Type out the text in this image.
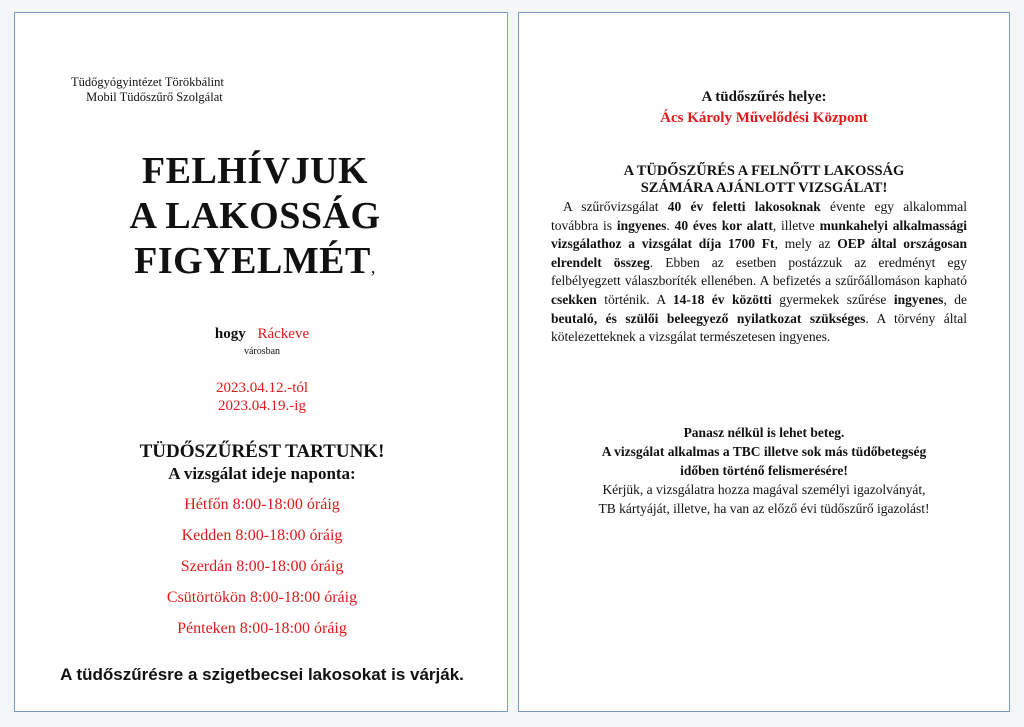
Tüdőgyógyintézet Törökbálint
Mobil Tüdőszűrő Szolgálat
FELHÍVJUK
A LAKOSSÁG
FIGYELMÉT,
hogy Ráckeve
városban
2023.04.12.-tól
2023.04.19.-ig
TÜDŐSZŰRÉST TARTUNK!
A vizsgálat ideje naponta:
Hétfőn 8:00-18:00 óráig
Kedden 8:00-18:00 óráig
Szerdán 8:00-18:00 óráig
Csütörtökön 8:00-18:00 óráig
Pénteken 8:00-18:00 óráig
A tüdőszűrésre a szigetbecsei lakosokat is várják.
A tüdőszűrés helye:
Ács Károly Művelődési Központ
A TÜDŐSZŰRÉS A FELNŐTT LAKOSSÁG
SZÁMÁRA AJÁNLOTT VIZSGÁLAT!
A szűrővizsgálat 40 év feletti lakosoknak évente egy alkalommal továbbra is ingyenes. 40 éves kor alatt, illetve munkahelyi alkalmassági vizsgálathoz a vizsgálat díja 1700 Ft, mely az OEP által országosan elrendelt összeg. Ebben az esetben postázzuk az eredményt egy felbélyegzett válaszboríték ellenében. A befizetés a szűrőállomáson kapható csekken történik. A 14-18 év közötti gyermekek szűrése ingyenes, de beutaló, és szülői beleegyező nyilatkozat szükséges. A törvény által kötelezetteknek a vizsgálat természetesen ingyenes.
Panasz nélkül is lehet beteg.
A vizsgálat alkalmas a TBC illetve sok más tüdőbetegség
időben történő felismerésére!
Kérjük, a vizsgálatra hozza magával személyi igazolványát,
TB kártyáját, illetve, ha van az előző évi tüdőszűrő igazolást!
